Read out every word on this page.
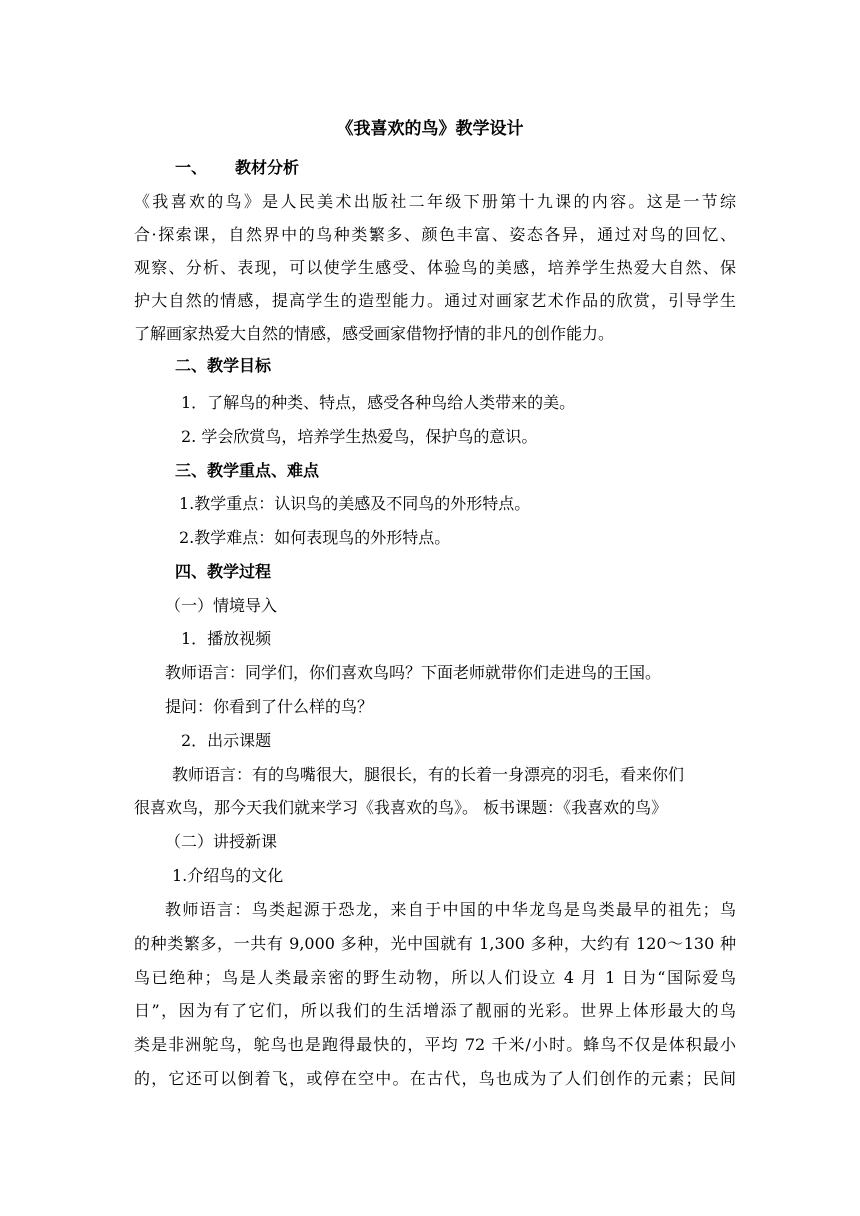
《我喜欢的鸟》教学设计
一、 教材分析
《我喜欢的鸟》是人民美术出版社二年级下册第十九课的内容。这是一节综
合·探索课，自然界中的鸟种类繁多、颜色丰富、姿态各异，通过对鸟的回忆、
观察、分析、表现，可以使学生感受、体验鸟的美感，培养学生热爱大自然、保
护大自然的情感，提高学生的造型能力。通过对画家艺术作品的欣赏，引导学生
了解画家热爱大自然的情感，感受画家借物抒情的非凡的创作能力。
二、教学目标
1．了解鸟的种类、特点，感受各种鸟给人类带来的美。
2. 学会欣赏鸟，培养学生热爱鸟，保护鸟的意识。
三、教学重点、难点
1.教学重点：认识鸟的美感及不同鸟的外形特点。
2.教学难点：如何表现鸟的外形特点。
四、教学过程
（一）情境导入
1．播放视频
教师语言：同学们，你们喜欢鸟吗？下面老师就带你们走进鸟的王国。
提问：你看到了什么样的鸟？
2．出示课题
教师语言：有的鸟嘴很大，腿很长，有的长着一身漂亮的羽毛，看来你们
很喜欢鸟，那今天我们就来学习《我喜欢的鸟》。 板书课题：《我喜欢的鸟》
（二）讲授新课
1.介绍鸟的文化
教师语言：鸟类起源于恐龙，来自于中国的中华龙鸟是鸟类最早的祖先；鸟
的种类繁多，一共有 9,000 多种，光中国就有 1,300 多种，大约有 120～130 种
鸟已绝种；鸟是人类最亲密的野生动物，所以人们设立 4 月 1 日为“国际爱鸟
日”，因为有了它们，所以我们的生活增添了靓丽的光彩。世界上体形最大的鸟
类是非洲鸵鸟，鸵鸟也是跑得最快的，平均 72 千米/小时。蜂鸟不仅是体积最小
的，它还可以倒着飞，或停在空中。在古代，鸟也成为了人们创作的元素；民间
